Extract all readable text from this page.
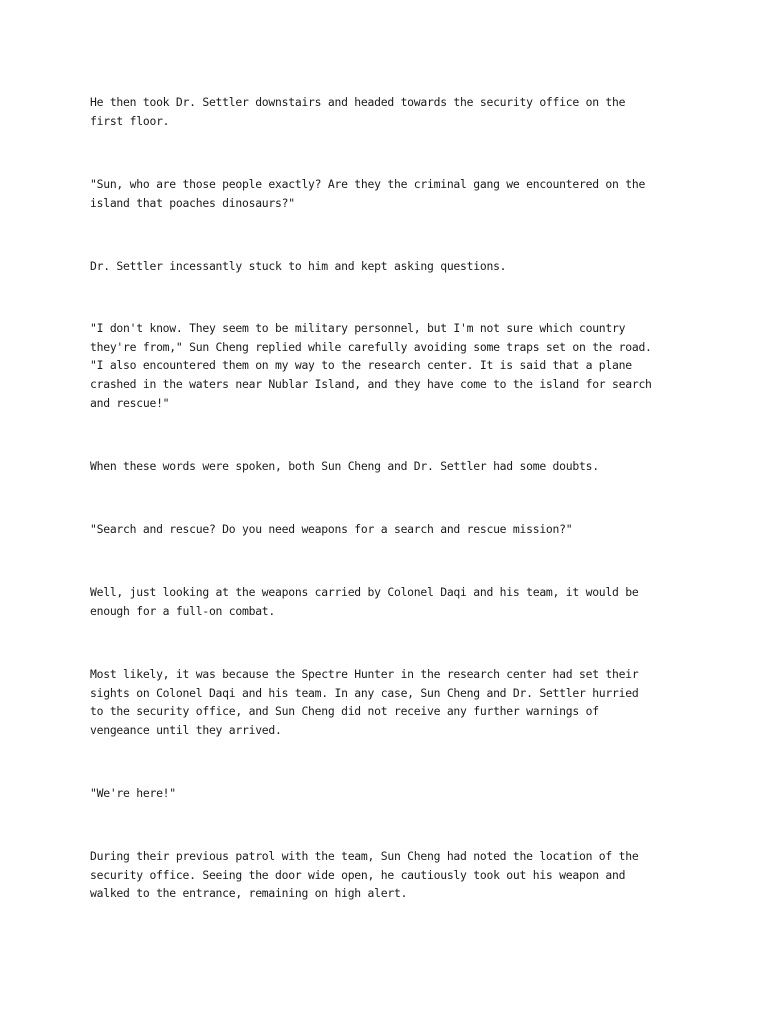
He then took Dr. Settler downstairs and headed towards the security office on the
first floor.

"Sun, who are those people exactly? Are they the criminal gang we encountered on the
island that poaches dinosaurs?"

Dr. Settler incessantly stuck to him and kept asking questions.

"I don't know. They seem to be military personnel, but I'm not sure which country
they're from," Sun Cheng replied while carefully avoiding some traps set on the road.
"I also encountered them on my way to the research center. It is said that a plane
crashed in the waters near Nublar Island, and they have come to the island for search
and rescue!"

When these words were spoken, both Sun Cheng and Dr. Settler had some doubts.

"Search and rescue? Do you need weapons for a search and rescue mission?"

Well, just looking at the weapons carried by Colonel Daqi and his team, it would be
enough for a full-on combat.

Most likely, it was because the Spectre Hunter in the research center had set their
sights on Colonel Daqi and his team. In any case, Sun Cheng and Dr. Settler hurried
to the security office, and Sun Cheng did not receive any further warnings of
vengeance until they arrived.

"We're here!"

During their previous patrol with the team, Sun Cheng had noted the location of the
security office. Seeing the door wide open, he cautiously took out his weapon and
walked to the entrance, remaining on high alert.
